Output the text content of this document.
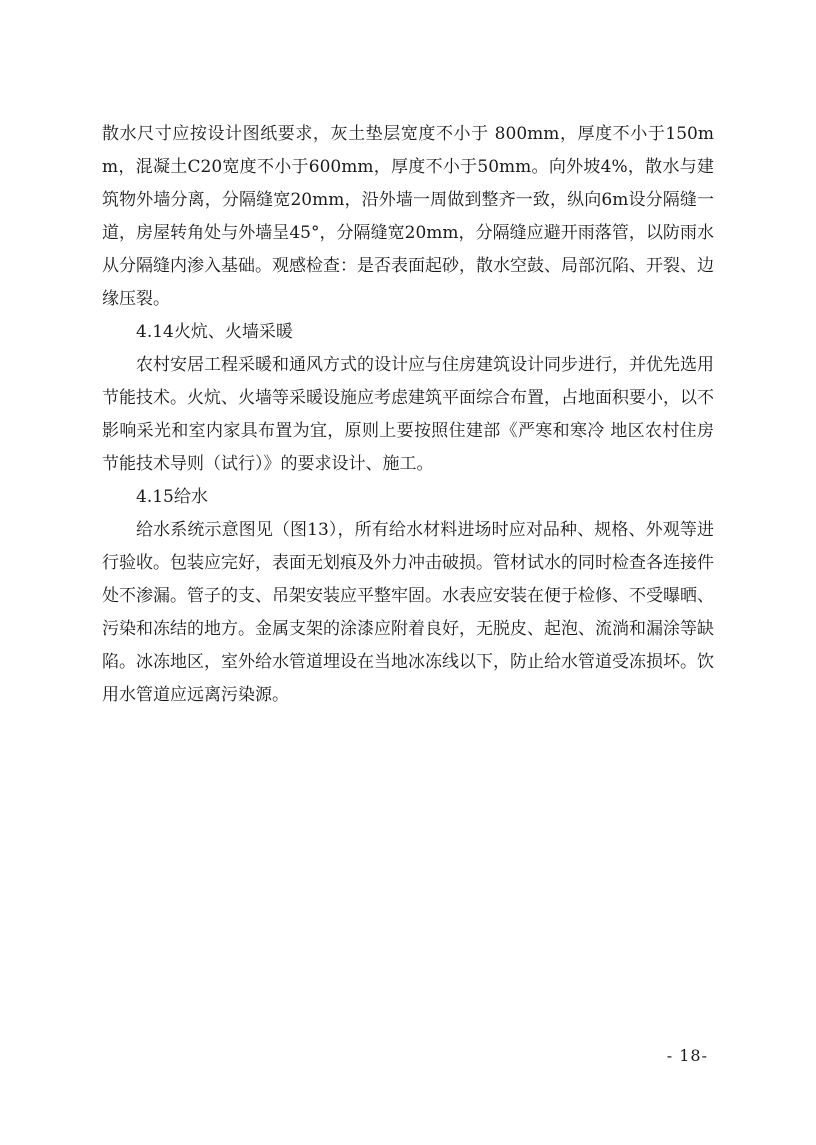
散水尺寸应按设计图纸要求，灰土垫层宽度不小于 800mm，厚度不小于150mm，混凝土C20宽度不小于600mm，厚度不小于50mm。向外坡4%，散水与建筑物外墙分离，分隔缝宽20mm，沿外墙一周做到整齐一致，纵向6m设分隔缝一道，房屋转角处与外墙呈45°，分隔缝宽20mm，分隔缝应避开雨落管，以防雨水从分隔缝内渗入基础。观感检查：是否表面起砂，散水空鼓、局部沉陷、开裂、边缘压裂。

4.14火炕、火墙采暖

农村安居工程采暖和通风方式的设计应与住房建筑设计同步进行，并优先选用节能技术。火炕、火墙等采暖设施应考虑建筑平面综合布置，占地面积要小，以不影响采光和室内家具布置为宜，原则上要按照住建部《严寒和寒冷 地区农村住房节能技术导则（试行）》的要求设计、施工。

4.15给水

给水系统示意图见（图13），所有给水材料进场时应对品种、规格、外观等进行验收。包装应完好，表面无划痕及外力冲击破损。管材试水的同时检查各连接件处不渗漏。管子的支、吊架安装应平整牢固。水表应安装在便于检修、不受曝晒、污染和冻结的地方。金属支架的涂漆应附着良好，无脱皮、起泡、流淌和漏涂等缺陷。冰冻地区，室外给水管道埋设在当地冰冻线以下，防止给水管道受冻损坏。饮用水管道应远离污染源。

- 18-
